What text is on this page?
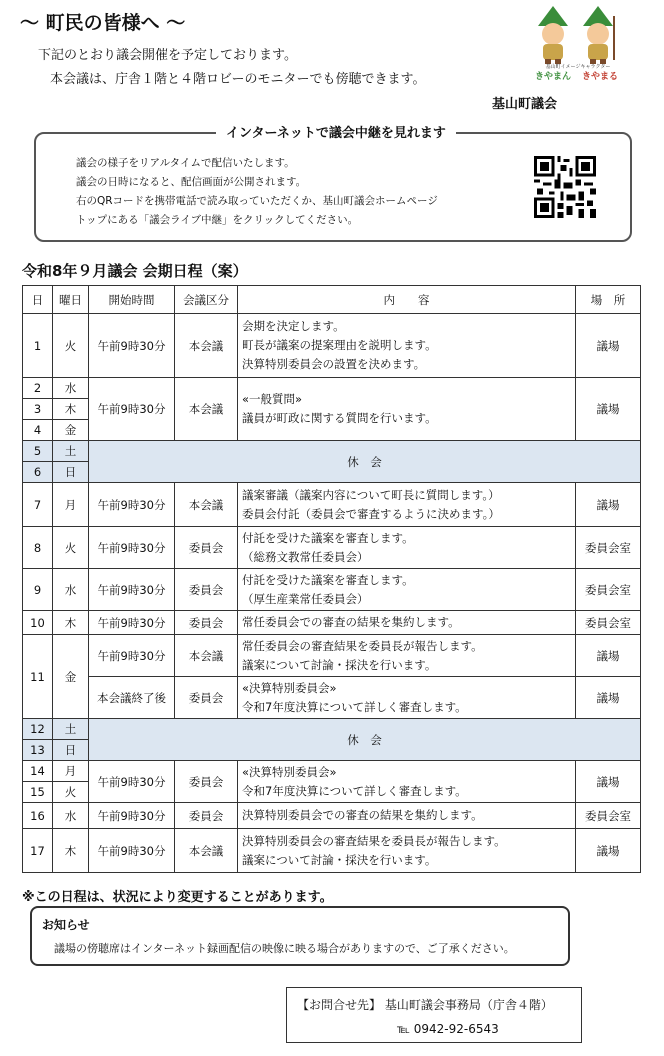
～ 町民の皆様へ ～
下記のとおり議会開催を予定しております。
本会議は、庁舎１階と４階ロビーのモニターでも傍聴できます。
基山町議会
基山町イメージキャラクター
きやまん きやまる
インターネットで議会中継を見れます
議会の様子をリアルタイムで配信いたします。
議会の日時になると、配信画面が公開されます。
右のQRコードを携帯電話で読み取っていただくか、基山町議会ホームページ
トップにある「議会ライブ中継」をクリックしてください。
令和8年９月議会 会期日程（案）
日	曜日	開始時間	会議区分	内　　容	場　所
1	火	午前9時30分	本会議	会期を決定します。
町長が議案の提案理由を説明します。
決算特別委員会の設置を決めます。	議場
2	水	午前9時30分	本会議	«一般質問»
議員が町政に関する質問を行います。	議場
3	木				
4	金				
5	土	休　会			
6	日				
7	月	午前9時30分	本会議	議案審議（議案内容について町長に質問します。）
委員会付託（委員会で審査するように決めます。）	議場
8	火	午前9時30分	委員会	付託を受けた議案を審査します。
（総務文教常任委員会）	委員会室
9	水	午前9時30分	委員会	付託を受けた議案を審査します。
（厚生産業常任委員会）	委員会室
10	木	午前9時30分	委員会	常任委員会での審査の結果を集約します。	委員会室
11	金	午前9時30分	本会議	常任委員会の審査結果を委員長が報告します。
議案について討論・採決を行います。	議場
		本会議終了後	委員会	«決算特別委員会»
令和7年度決算について詳しく審査します。	議場
12	土	休　会			
13	日				
14	月	午前9時30分	委員会	«決算特別委員会»
令和7年度決算について詳しく審査します。	議場
15	火				
16	水	午前9時30分	委員会	決算特別委員会での審査の結果を集約します。	委員会室
17	木	午前9時30分	本会議	決算特別委員会の審査結果を委員長が報告します。
議案について討論・採決を行います。	議場
※この日程は、状況により変更することがあります。
お知らせ
議場の傍聴席はインターネット録画配信の映像に映る場合がありますので、ご了承ください。
【お問合せ先】 基山町議会事務局（庁舎４階）
℡ 0942-92-6543
